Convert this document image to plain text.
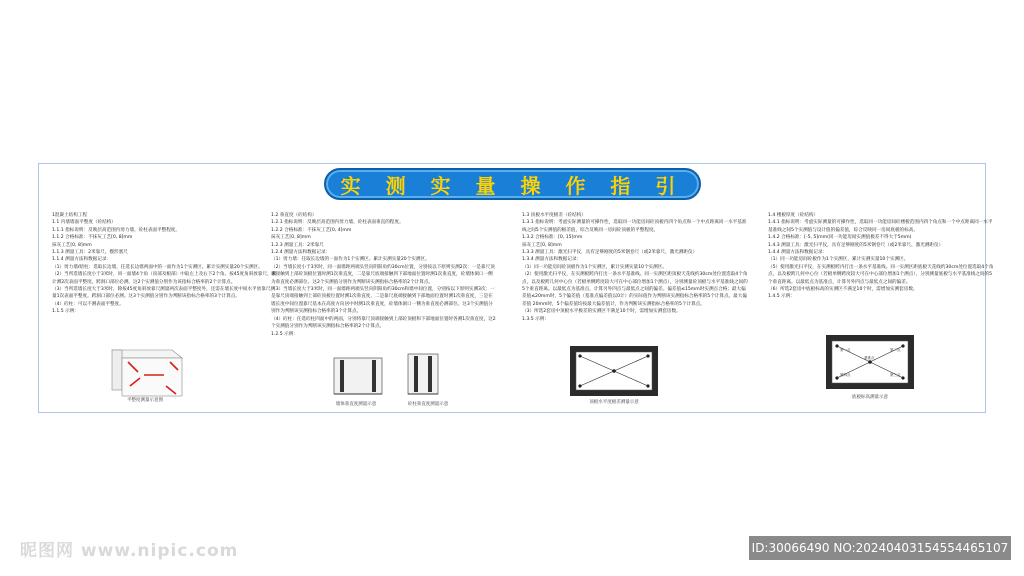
实 测 实 量 操 作 指 引

1混凝土结构工程

1.1 内墙墙面平整度（砼结构）

1.1.1 指标说明：反映层高范围内剪力墙、砼柱表面平整程度。

1.1.2 合格标准：不抹灰工艺[0, 8]mm

抹灰工艺[0, 8]mm

1.1.3 测量工具：2米靠尺、楔形塞尺

1.1.4 测量方法和数据记录：

（1）剪力墙/暗柱：选取长边墙，任选长边墙两面中的一面作为1个实测区。累计实测实量20个实测区。

（2）当所选墙长度小于3米时，同一面墙4个角（顶部及根部）中取左上及右下2个角。按45度角斜放靠尺，累计测2次表面平整度。跨洞口部位必测。这2个实测值分别作为该指标合格率的2个计算点。

（3）当所选墙长度大于3米时，除按45度角斜放靠尺测量两次表面平整度外，还需在墙长度中间水平放靠尺测量1次表面平整度。跨洞口部位必测。这3个实测值分别作为判断该指标合格率的3个计算点。

（4）砼柱：可以不测表面平整度。

1.1.5 示例：

平整度测量示意图

1.2 垂直度（砼结构）

1.2.1 指标说明：反映层高范围内剪力墙、砼柱表面垂直的程度。

1.2.2 合格标准：不抹灰工艺[0, 4]mm

抹灰工艺[0, 8]mm

1.2.3 测量工具：2米靠尺

1.2.4 测量方法和数据记录：

（1）剪力墙：任取长边墙的一面作为1个实测区。累计实测实量20个实测区。

（2）当墙长度小于3米时，同一面墙距两端头竖向阴阳角约30cm位置，分别按以下原则实测2次：一是靠尺顶端接触到上部砼顶板位置时测1次垂直度，二是靠尺底端接触到下部地面位置时测1次垂直度，砼墙体洞口一侧为垂直度必测部位。这2个实测值分别作为判断该实测指标合格率的2个计算点。

（3）当墙长度大于3米时，同一面墙距两端头竖向阴阳角约30cm和墙中间位置，分别按以下原则实测3次：一是靠尺顶端接触到上部砼顶板位置时测1次垂直度，二是靠尺底端接触到下部地面位置时测1次垂直度，三是在墙长度中间位置靠尺基本在高度方向居中时测1次垂直度，砼墙体洞口一侧为垂直度必测部位。这3个实测值分别作为判断该实测指标合格率的3个计算点。

（4）砼柱：任选砼柱四面中的两面，分别将靠尺顶端接触到上部砼顶板和下部地面位置时各测1次垂直度，这2个实测值分别作为判断该实测指标合格率的2个计算点。

1.2.5 示例：

墙体垂直度测量示意	砼柱垂直度测量示意

1.3 顶板水平度极差（砼结构）

1.3.1 指标说明：考虑实际测量的可操作性，选取同一功能房间砼顶板内四个角点和一个中点距离同一水平基准线之间5个实测值的极差值，综合反映同一房间砼顶板的平整程度。

1.3.2 合格标准：[0, 15]mm

抹灰工艺[0, 8]mm

1.3.3 测量工具：激光扫平仪，具有足够刚度的5米钢卷尺（或2米靠尺、激光测距仪）

1.3.4 测量方法和数据记录：

（1）同一功能房间砼顶板作为1个实测区，累计实测实量10个实测区。

（2）使用激光扫平仪，在实测板跨内打出一条水平基准线。同一实测区距顶板天花线约30cm处位置选取4个角点，以及板跨几何中心位（若板单侧跨度较大可在中心部位增加1个测点），分别测量砼顶板与水平基准线之间的5个垂直距离。以最低点为基准点，计算另外四点与最低点之间的偏差。偏差值≤15mm时实测点合格；最大偏差值≤20mm时，5个偏差值（基准点偏差值以0计）的实际值作为判断该实测指标合格率的5个计算点。最大偏差值 20mm时，5个偏差值均按最大偏差值计，作为判断该实测指标合格率的5个计算点。

（3）所选2套房中顶板水平极差的实测区不满足10个时，需增加实测套房数。

1.3.5 示例：

顶板水平度极差测量示意

1.4 楼板厚度（砼结构）

1.4.1 指标说明：考虑实际测量的可操作性，选取同一功能房间砼楼板范围内四个角点和一个中点距离同一水平基准线之间5个实测值与设计值的偏差值，综合反映同一房间底板的标高。

1.4.2 合格标准：[-5, 5]mm(同一功能房间实测值极差不得大于5mm)

1.4.3 测量工具：激光扫平仪，具有足够刚度的5米钢卷尺（或2米靠尺、激光测距仪）

1.4.4 测量方法和数据记录：

（1）同一功能房间砼板作为1个实测区，累计实测实量10个实测区。

（5）使用激光扫平仪，在实测板跨内打出一条水平基准线。同一实测区距底板天花线约30cm处位置选取4个角点，以及板跨几何中心位（若板单侧跨度较大可在中心部位增加1个测点），分别测量底板与水平基准线之间的5个垂直距离。以最低点为基准点，计算另外四点与最低点之间的偏差。

（6）所选2套房中底板标高的实测区不满足10个时，需增加实测套房数。

1.4.5 示例：

第一点	第二点
第三点
第四点
基准点
底板标高测量示意
昵图网 www.nipic.com	ID:30066490 NO:20240403154554465107
